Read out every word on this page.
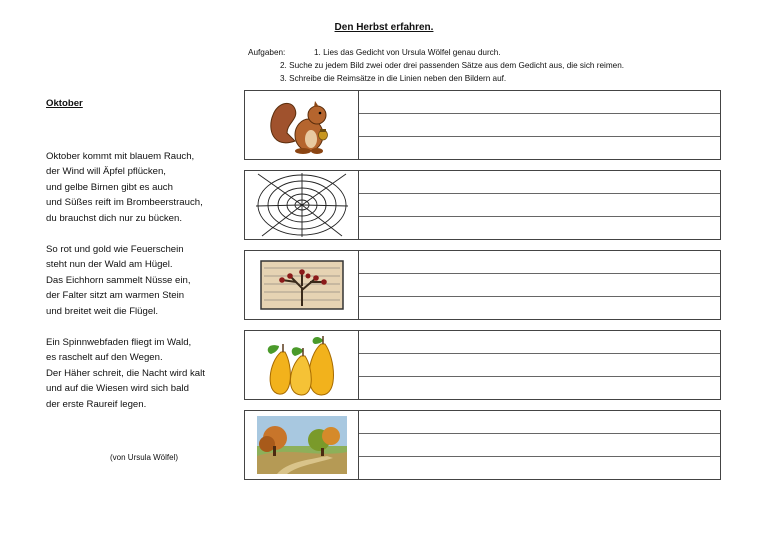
Den Herbst erfahren.
Aufgaben:	1. Lies das Gedicht von Ursula Wölfel genau durch.
2. Suche zu jedem Bild zwei oder drei passenden Sätze aus dem Gedicht aus, die sich reimen.
3. Schreibe die Reimsätze in die Linien neben den Bildern auf.
Oktober
Oktober kommt mit blauem Rauch,
der Wind will Äpfel pflücken,
und gelbe Birnen gibt es auch
und Süßes reift im Brombeerstrauch,
du brauchst dich nur zu bücken.
So rot und gold wie Feuerschein
steht nun der Wald am Hügel.
Das Eichhorn sammelt Nüsse ein,
der Falter sitzt am warmen Stein
und breitet weit die Flügel.
Ein Spinnwebfaden fliegt im Wald,
es raschelt auf den Wegen.
Der Häher schreit, die Nacht wird kalt
und auf die Wiesen wird sich bald
der erste Raureif legen.
(von Ursula Wölfel)
